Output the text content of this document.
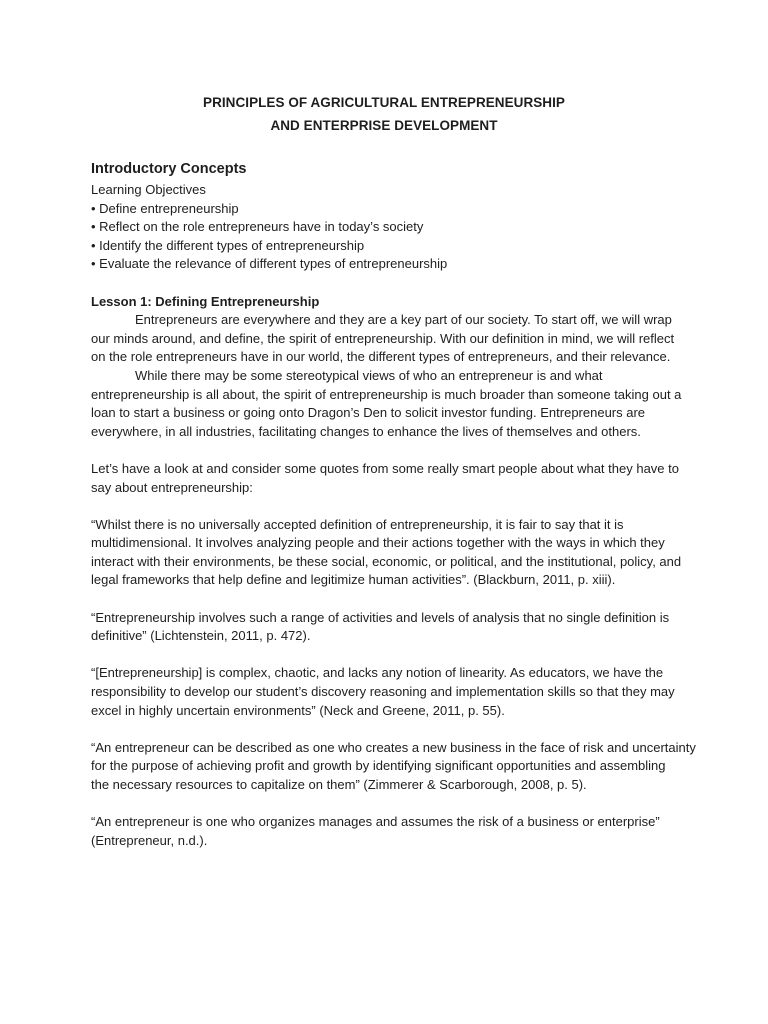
PRINCIPLES OF AGRICULTURAL ENTREPRENEURSHIP
AND ENTERPRISE DEVELOPMENT
Introductory Concepts
Learning Objectives
• Define entrepreneurship
• Reflect on the role entrepreneurs have in today’s society
• Identify the different types of entrepreneurship
• Evaluate the relevance of different types of entrepreneurship
Lesson 1: Defining Entrepreneurship
Entrepreneurs are everywhere and they are a key part of our society. To start off, we will wrap
our minds around, and define, the spirit of entrepreneurship. With our definition in mind, we will reflect
on the role entrepreneurs have in our world, the different types of entrepreneurs, and their relevance.
While there may be some stereotypical views of who an entrepreneur is and what
entrepreneurship is all about, the spirit of entrepreneurship is much broader than someone taking out a
loan to start a business or going onto Dragon’s Den to solicit investor funding. Entrepreneurs are
everywhere, in all industries, facilitating changes to enhance the lives of themselves and others.
Let’s have a look at and consider some quotes from some really smart people about what they have to
say about entrepreneurship:
“Whilst there is no universally accepted definition of entrepreneurship, it is fair to say that it is
multidimensional. It involves analyzing people and their actions together with the ways in which they
interact with their environments, be these social, economic, or political, and the institutional, policy, and
legal frameworks that help define and legitimize human activities”. (Blackburn, 2011, p. xiii).
“Entrepreneurship involves such a range of activities and levels of analysis that no single definition is
definitive” (Lichtenstein, 2011, p. 472).
“[Entrepreneurship] is complex, chaotic, and lacks any notion of linearity. As educators, we have the
responsibility to develop our student’s discovery reasoning and implementation skills so that they may
excel in highly uncertain environments” (Neck and Greene, 2011, p. 55).
“An entrepreneur can be described as one who creates a new business in the face of risk and uncertainty
for the purpose of achieving profit and growth by identifying significant opportunities and assembling
the necessary resources to capitalize on them” (Zimmerer & Scarborough, 2008, p. 5).
“An entrepreneur is one who organizes manages and assumes the risk of a business or enterprise”
(Entrepreneur, n.d.).
